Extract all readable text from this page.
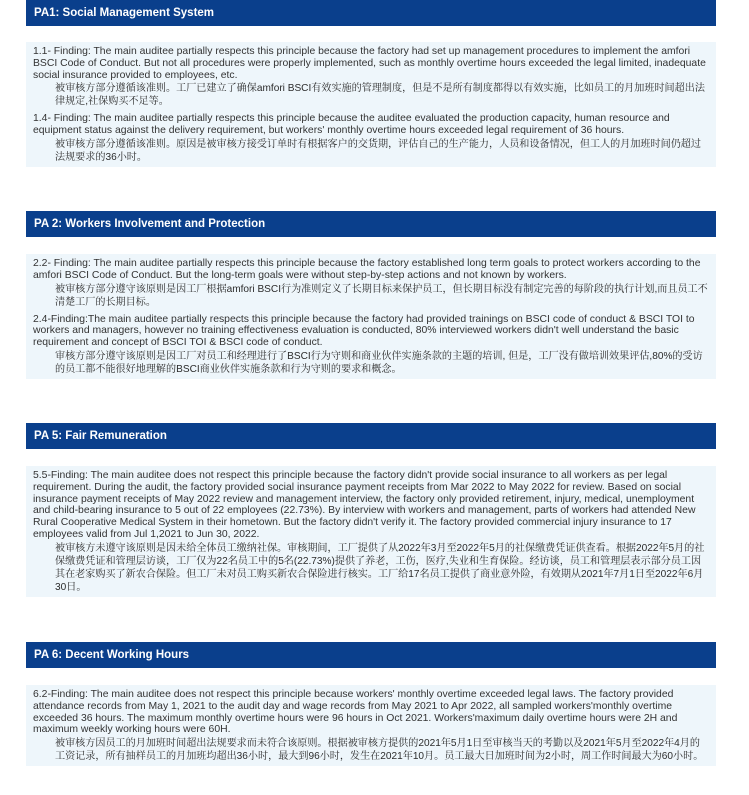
PA1: Social Management System

1.1- Finding: The main auditee partially respects this principle because the factory had set up management procedures to implement the amfori BSCI Code of Conduct. But not all procedures were properly implemented, such as monthly overtime hours exceeded the legal limited, inadequate social insurance provided to employees, etc.

被审核方部分遵循该准则。工厂已建立了确保amfori BSCI有效实施的管理制度，但是不是所有制度都得以有效实施，比如员工的月加班时间超出法律规定,社保购买不足等。

1.4- Finding: The main auditee partially respects this principle because the auditee evaluated the production capacity, human resource and equipment status against the delivery requirement, but workers' monthly overtime hours exceeded legal requirement of 36 hours.

被审核方部分遵循该准则。原因是被审核方接受订单时有根据客户的交货期，评估自己的生产能力，人员和设备情况，但工人的月加班时间仍超过法规要求的36小时。

PA 2: Workers Involvement and Protection

2.2- Finding: The main auditee partially respects this principle because the factory established long term goals to protect workers according to the amfori BSCI Code of Conduct. But the long-term goals were without step-by-step actions and not known by workers.

被审核方部分遵守该原则是因工厂根据amfori BSCI行为准则定义了长期目标来保护员工，但长期目标没有制定完善的每阶段的执行计划,而且员工不清楚工厂的长期目标。

2.4-Finding:The main auditee partially respects this principle because the factory had provided trainings on BSCI code of conduct & BSCI TOI to workers and managers, however no training effectiveness evaluation is conducted, 80% interviewed workers didn't well understand the basic requirement and concept of BSCI TOI & BSCI code of conduct.

审核方部分遵守该原则是因工厂对员工和经理进行了BSCI行为守则和商业伙伴实施条款的主题的培训, 但是，工厂没有做培训效果评估,80%的受访的员工都不能很好地理解的BSCI商业伙伴实施条款和行为守则的要求和概念。

PA 5: Fair Remuneration

5.5-Finding: The main auditee does not respect this principle because the factory didn't provide social insurance to all workers as per legal requirement. During the audit, the factory provided social insurance payment receipts from Mar 2022 to May 2022 for review. Based on social insurance payment receipts of May 2022 review and management interview, the factory only provided retirement, injury, medical, unemployment and child-bearing insurance to 5 out of 22 employees (22.73%). By interview with workers and management, parts of workers had attended New Rural Cooperative Medical System in their hometown. But the factory didn't verify it. The factory provided commercial injury insurance to 17 employees valid from Jul 1,2021 to Jun 30, 2022.

被审核方未遵守该原则是因未给全体员工缴纳社保。审核期间，工厂提供了从2022年3月至2022年5月的社保缴费凭证供查看。根据2022年5月的社保缴费凭证和管理层访谈，工厂仅为22名员工中的5名(22.73%)提供了养老，工伤，医疗,失业和生育保险。经访谈，员工和管理层表示部分员工因其在老家购买了新农合保险。但工厂未对员工购买新农合保险进行核实。工厂给17名员工提供了商业意外险，有效期从2021年7月1日至2022年6月30日。

PA 6: Decent Working Hours

6.2-Finding: The main auditee does not respect this principle because workers' monthly overtime exceeded legal laws. The factory provided attendance records from May 1, 2021 to the audit day and wage records from May 2021 to Apr 2022, all sampled workers'monthly overtime exceeded 36 hours. The maximum monthly overtime hours were 96 hours in Oct 2021. Workers'maximum daily overtime hours were 2H and maximum weekly working hours were 60H.

被审核方因员工的月加班时间超出法规要求而未符合该原则。根据被审核方提供的2021年5月1日至审核当天的考勤以及2021年5月至2022年4月的工资记录，所有抽样员工的月加班均超出36小时，最大到96小时，发生在2021年10月。员工最大日加班时间为2小时，周工作时间最大为60小时。
